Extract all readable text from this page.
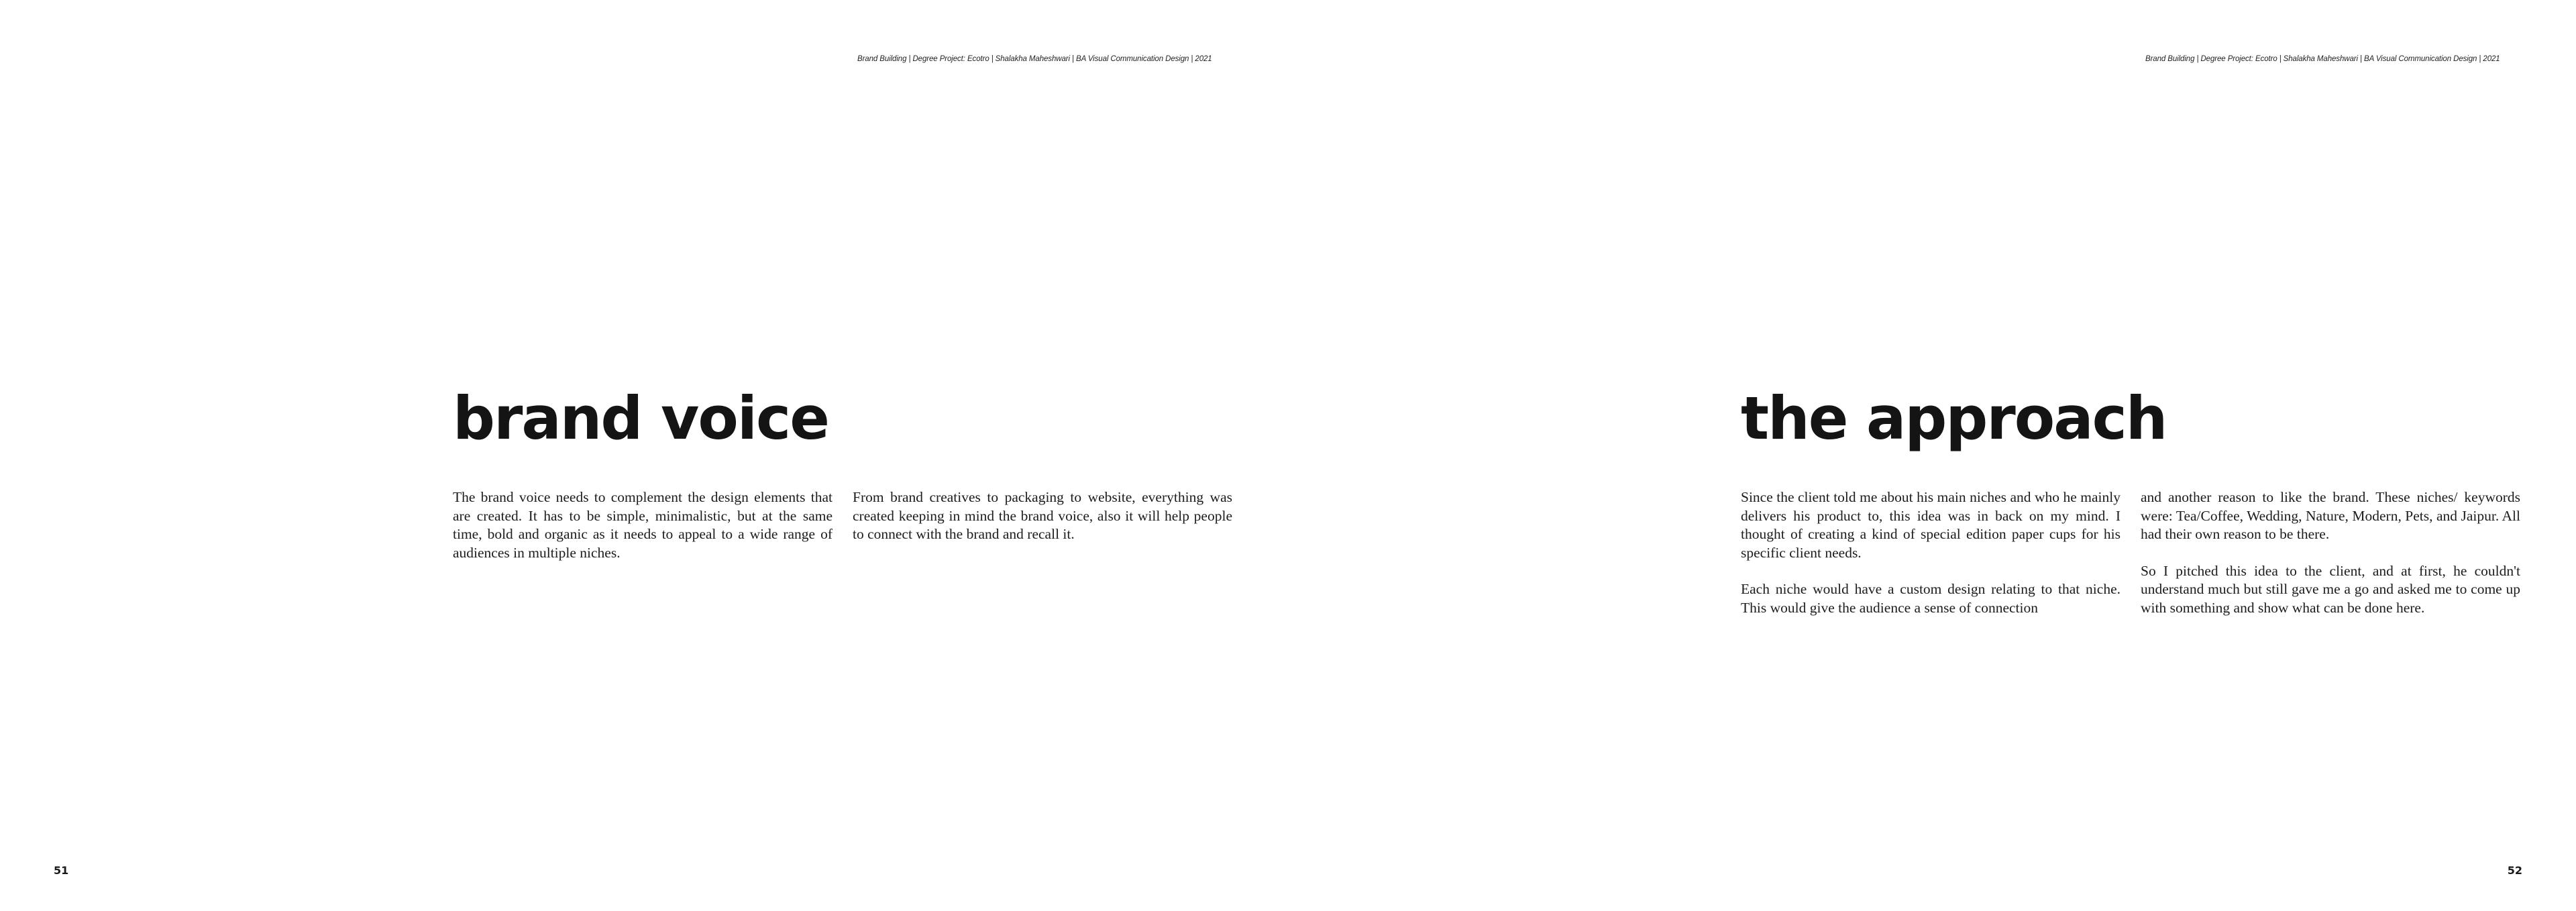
Brand Building | Degree Project: Ecotro | Shalakha Maheshwari | BA Visual Communication Design | 2021
brand voice

The brand voice needs to complement the design elements that are created. It has to be simple, minimalistic, but at the same time, bold and organic as it needs to appeal to a wide range of audiences in multiple niches.

From brand creatives to packaging to website, everything was created keeping in mind the brand voice, also it will help people to connect with the brand and recall it.

51
Brand Building | Degree Project: Ecotro | Shalakha Maheshwari | BA Visual Communication Design | 2021
the approach

Since the client told me about his main niches and who he mainly delivers his product to, this idea was in back on my mind. I thought of creating a kind of special edition paper cups for his specific client needs.

Each niche would have a custom design relating to that niche. This would give the audience a sense of connection

and another reason to like the brand. These niches/ keywords were: Tea/Coffee, Wedding, Nature, Modern, Pets, and Jaipur. All had their own reason to be there.

So I pitched this idea to the client, and at first, he couldn't understand much but still gave me a go and asked me to come up with something and show what can be done here.

52
